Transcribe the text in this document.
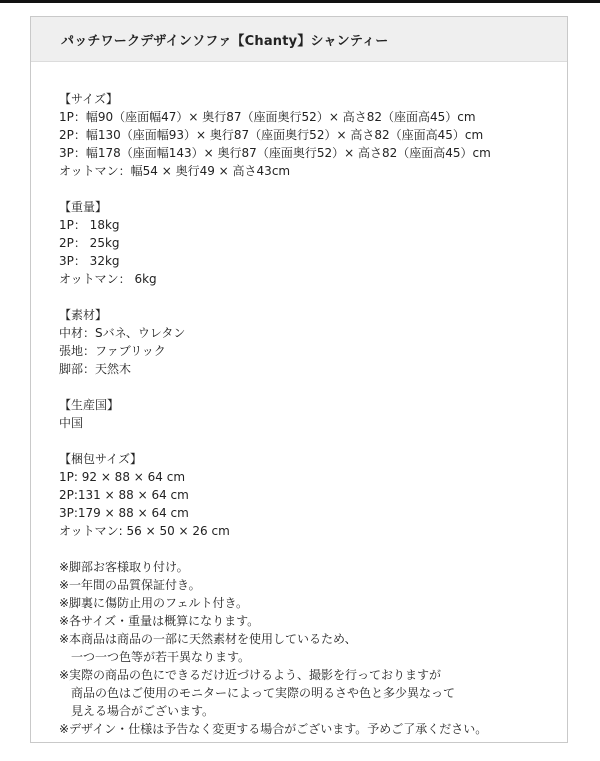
パッチワークデザインソファ【Chanty】シャンティー
【サイズ】
1P：幅90（座面幅47）× 奥行87（座面奥行52）× 高さ82（座面高45）cm
2P：幅130（座面幅93）× 奥行87（座面奥行52）× 高さ82（座面高45）cm
3P：幅178（座面幅143）× 奥行87（座面奥行52）× 高さ82（座面高45）cm
オットマン：幅54 × 奥行49 × 高さ43cm
【重量】
1P： 18kg
2P： 25kg
3P： 32kg
オットマン： 6kg
【素材】
中材：Sバネ、ウレタン
張地：ファブリック
脚部：天然木
【生産国】
中国
【梱包サイズ】
1P: 92 × 88 × 64 cm
2P:131 × 88 × 64 cm
3P:179 × 88 × 64 cm
オットマン: 56 × 50 × 26 cm
※脚部お客様取り付け。
※一年間の品質保証付き。
※脚裏に傷防止用のフェルト付き。
※各サイズ・重量は概算になります。
※本商品は商品の一部に天然素材を使用しているため、
一つ一つ色等が若干異なります。
※実際の商品の色にできるだけ近づけるよう、撮影を行っておりますが
商品の色はご使用のモニターによって実際の明るさや色と多少異なって
見える場合がございます。
※デザイン・仕様は予告なく変更する場合がございます。予めご了承ください。
